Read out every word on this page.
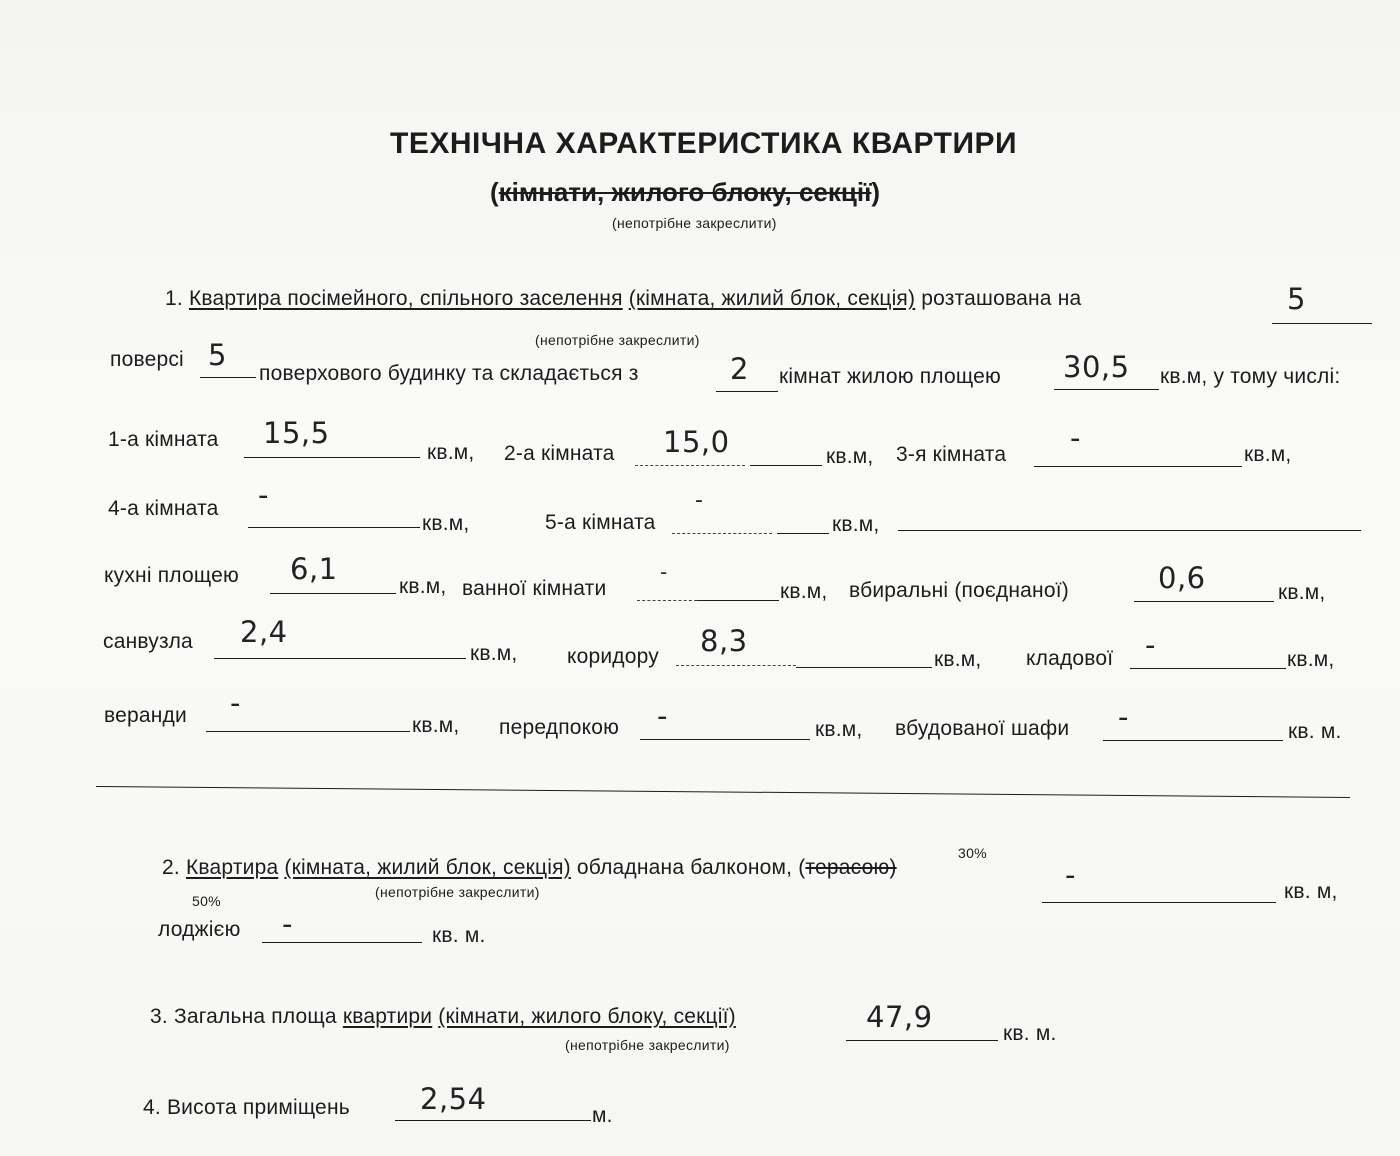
ТЕХНІЧНА ХАРАКТЕРИСТИКА КВАРТИРИ
(кімнати, жилого блоку, секції)
(непотрібне закреслити)
1. Квартира посімейного, спільного заселення (кімната, жилий блок, секція) розташована на	5
(непотрібне закреслити)
поверсі 5
поверхового будинку та складається з	2 кімнат жилою площею 30,5 кв.м, у тому числі:
1-а кімната 15,5
кв.м, 2-а кімната 15,0	кв.м, 3-я кімната -	кв.м,
4-а кімната -
кв.м,	5-а кімната
-
кв.м,
кухні площею 6,1
кв.м, ванної кімнати
-
кв.м, вбиральні (поєднаної)	0,6	кв.м,
санвузла 2,4
кв.м, коридору 8,3
кв.м, кладової -	кв.м,
веранди -
кв.м, передпокою -	кв.м, вбудованої шафи -	кв. м.
30%
2. Квартира (кімната, жилий блок, секція) обладнана балконом, (терасою)
(непотрібне закреслити)	-	кв. м,
50%
лоджією -	кв. м.
3. Загальна площа квартири (кімнати, жилого блоку, секції)
(непотрібне закреслити)
47,9	кв. м.
4. Висота приміщень 2,54	м.
